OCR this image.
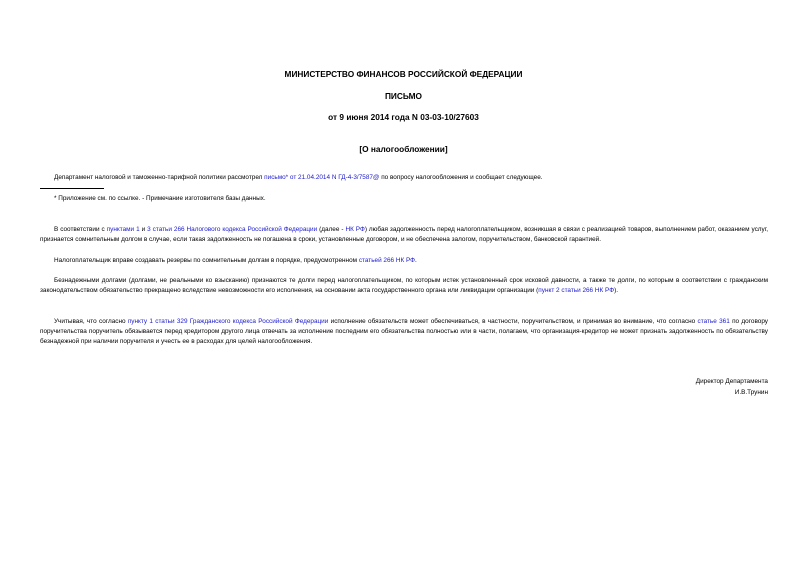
МИНИСТЕРСТВО ФИНАНСОВ РОССИЙСКОЙ ФЕДЕРАЦИИ
ПИСЬМО
от 9 июня 2014 года N 03-03-10/27603
[О налогообложении]
Департамент налоговой и таможенно-тарифной политики рассмотрел письмо* от 21.04.2014 N ГД-4-3/7587@ по вопросу налогообложения и сообщает следующее.
* Приложение см. по ссылке. - Примечание изготовителя базы данных.
В соответствии с пунктами 1 и 3 статьи 266 Налогового кодекса Российской Федерации (далее - НК РФ) любая задолженность перед налогоплательщиком, возникшая в связи с реализацией товаров, выполнением работ, оказанием услуг, признается сомнительным долгом в случае, если такая задолженность не погашена в сроки, установленные договором, и не обеспечена залогом, поручительством, банковской гарантией.
Налогоплательщик вправе создавать резервы по сомнительным долгам в порядке, предусмотренном статьей 266 НК РФ.
Безнадежными долгами (долгами, не реальными ко взысканию) признаются те долги перед налогоплательщиком, по которым истек установленный срок исковой давности, а также те долги, по которым в соответствии с гражданским законодательством обязательство прекращено вследствие невозможности его исполнения, на основании акта государственного органа или ликвидации организации (пункт 2 статьи 266 НК РФ).
Учитывая, что согласно пункту 1 статьи 329 Гражданского кодекса Российской Федерации исполнение обязательств может обеспечиваться, в частности, поручительством, и принимая во внимание, что согласно статье 361 по договору поручительства поручитель обязывается перед кредитором другого лица отвечать за исполнение последним его обязательства полностью или в части, полагаем, что организация-кредитор не может признать задолженность по обязательству безнадежной при наличии поручителя и учесть ее в расходах для целей налогообложения.
Директор Департамента
И.В.Трунин
